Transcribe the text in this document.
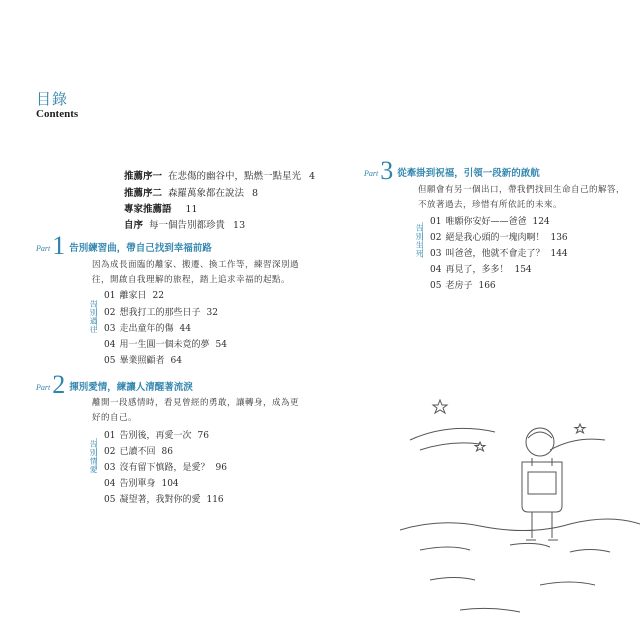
目錄
Contents
推薦序一 在悲傷的幽谷中，點燃一點星光 4
推薦序二 森羅萬象都在說法 8
專家推薦語 11
自序 每一個告別都珍貴 13
Part 1 告別練習曲，帶自己找到幸福前路
因為成長面臨的離家、搬遷、換工作等，練習深別過
往，開啟自我理解的旅程，踏上追求幸福的起點。
告別過往
01 離家日 22
02 想我打工的那些日子 32
03 走出童年的傷 44
04 用一生圓一個未竟的夢 54
05 畢業照顧者 64
Part 2 揮別愛情，練讓人清醒著流淚
離開一段感情時，看見曾經的勇敢，讓轉身，成為更
好的自己。
告別情愛
01 告別後，再愛一次 76
02 已讀不回 86
03 沒有留下慎路，是愛？ 96
04 告別單身 104
05 凝望著，我對你的愛 116
Part 3 從牽掛到祝福，引領一段新的啟航
但願會有另一個出口，帶我們找回生命自己的解答，
不放著過去，珍惜有所依託的未來。
告別生死
01 唯願你安好——爸爸 124
02 絕是我心頭的一塊肉啊！ 136
03 叫爸爸，他就不會走了？ 144
04 再見了，多多！ 154
05 老房子 166
